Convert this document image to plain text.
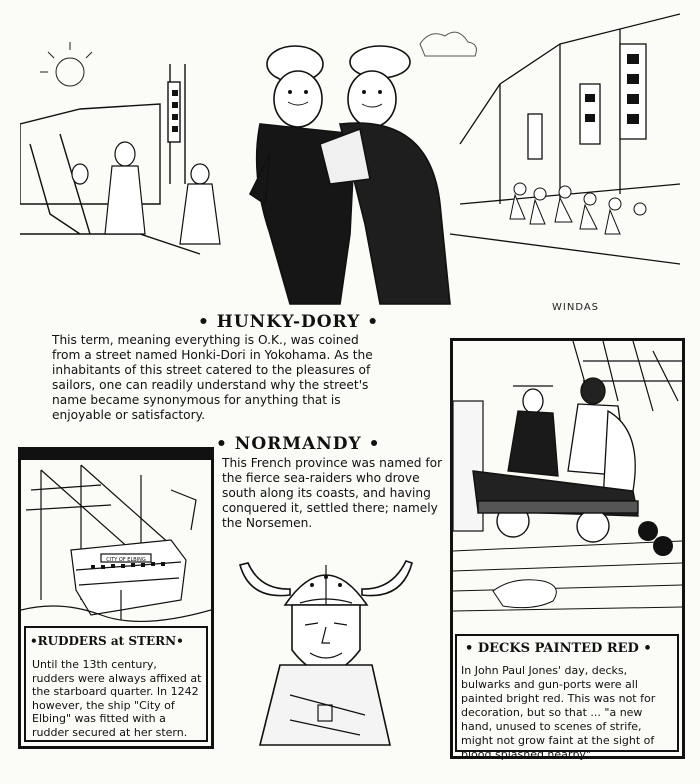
WINDAS
• HUNKY-DORY •

This term, meaning everything is O.K., was coined from a street named Honki-Dori in Yokohama. As the inhabitants of this street catered to the pleasures of sailors, one can readily understand why the street's name became synonymous for anything that is enjoyable or satisfactory.

CITY OF ELBING
•RUDDERS at STERN•
Until the 13th century, rudders were always affixed at the starboard quarter. In 1242 however, the ship "City of Elbing" was fitted with a rudder secured at her stern.
• NORMANDY •

This French province was named for the fierce sea-raiders who drove south along its coasts, and having conquered it, settled there; namely the Norsemen.

• DECKS PAINTED RED •
In John Paul Jones' day, decks, bulwarks and gun-ports were all painted bright red. This was not for decoration, but so that ... "a new hand, unused to scenes of strife, might not grow faint at the sight of blood splashed nearby".
